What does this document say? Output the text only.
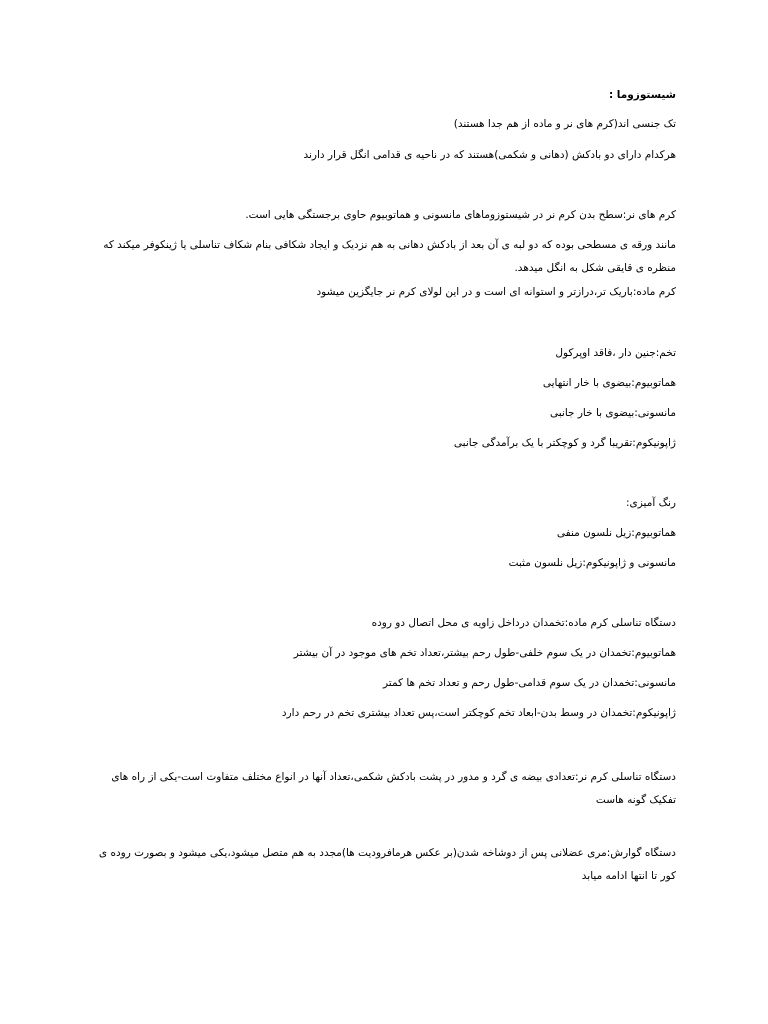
شیستوزوما :
تک جنسی اند(کرم های نر و ماده از هم جدا هستند)
هرکدام دارای دو بادکش (دهانی و شکمی)هستند که در ناحیه ی قدامی انگل قرار دارند
کرم های نر:سطح بدن کرم نر در شیستوزوماهای مانسونی و هماتوبیوم حاوی برجستگی هایی است.
مانند ورقه ی مسطحی بوده که دو لبه ی آن بعد از بادکش دهانی به هم نزدیک و ایجاد شکافی بنام شکاف تناسلی یا ژینکوفر میکند که منظره ی قایقی شکل به انگل میدهد.
کرم ماده:باریک تر،درازتر و استوانه ای است و در این لولای کرم نر جایگزین میشود
تخم:جنین دار ،فاقد اوپرکول
هماتوبیوم:بیضوی با خار انتهایی
مانسونی:بیضوی با خار جانبی
ژاپونیکوم:تقریبا گرد و کوچکتر با یک برآمدگی جانبی
رنگ آمیزی:
هماتوبیوم:زیل نلسون منفی
مانسونی و ژاپونیکوم:زیل نلسون مثبت
دستگاه تناسلی کرم ماده:تخمدان درداخل زاویه ی محل اتصال دو روده
هماتوبیوم:تخمدان در یک سوم خلفی-طول رحم بیشتر،تعداد تخم های موجود در آن بیشتر
مانسونی:تخمدان در یک سوم قدامی-طول رحم و تعداد تخم ها کمتر
ژاپونیکوم:تخمدان در وسط بدن-ابعاد تخم کوچکتر است،پس تعداد بیشتری تخم در رحم دارد
دستگاه تناسلی کرم نر:تعدادی بیضه ی گرد و مدور در پشت بادکش شکمی،تعداد آنها در انواع مختلف متفاوت است-یکی از راه های تفکیک گونه هاست
دستگاه گوارش:مری عضلانی پس از دوشاخه شدن(بر عکس هرمافرودیت ها)مجدد به هم متصل میشود،یکی میشود و بصورت روده ی کور تا انتها ادامه میابد
